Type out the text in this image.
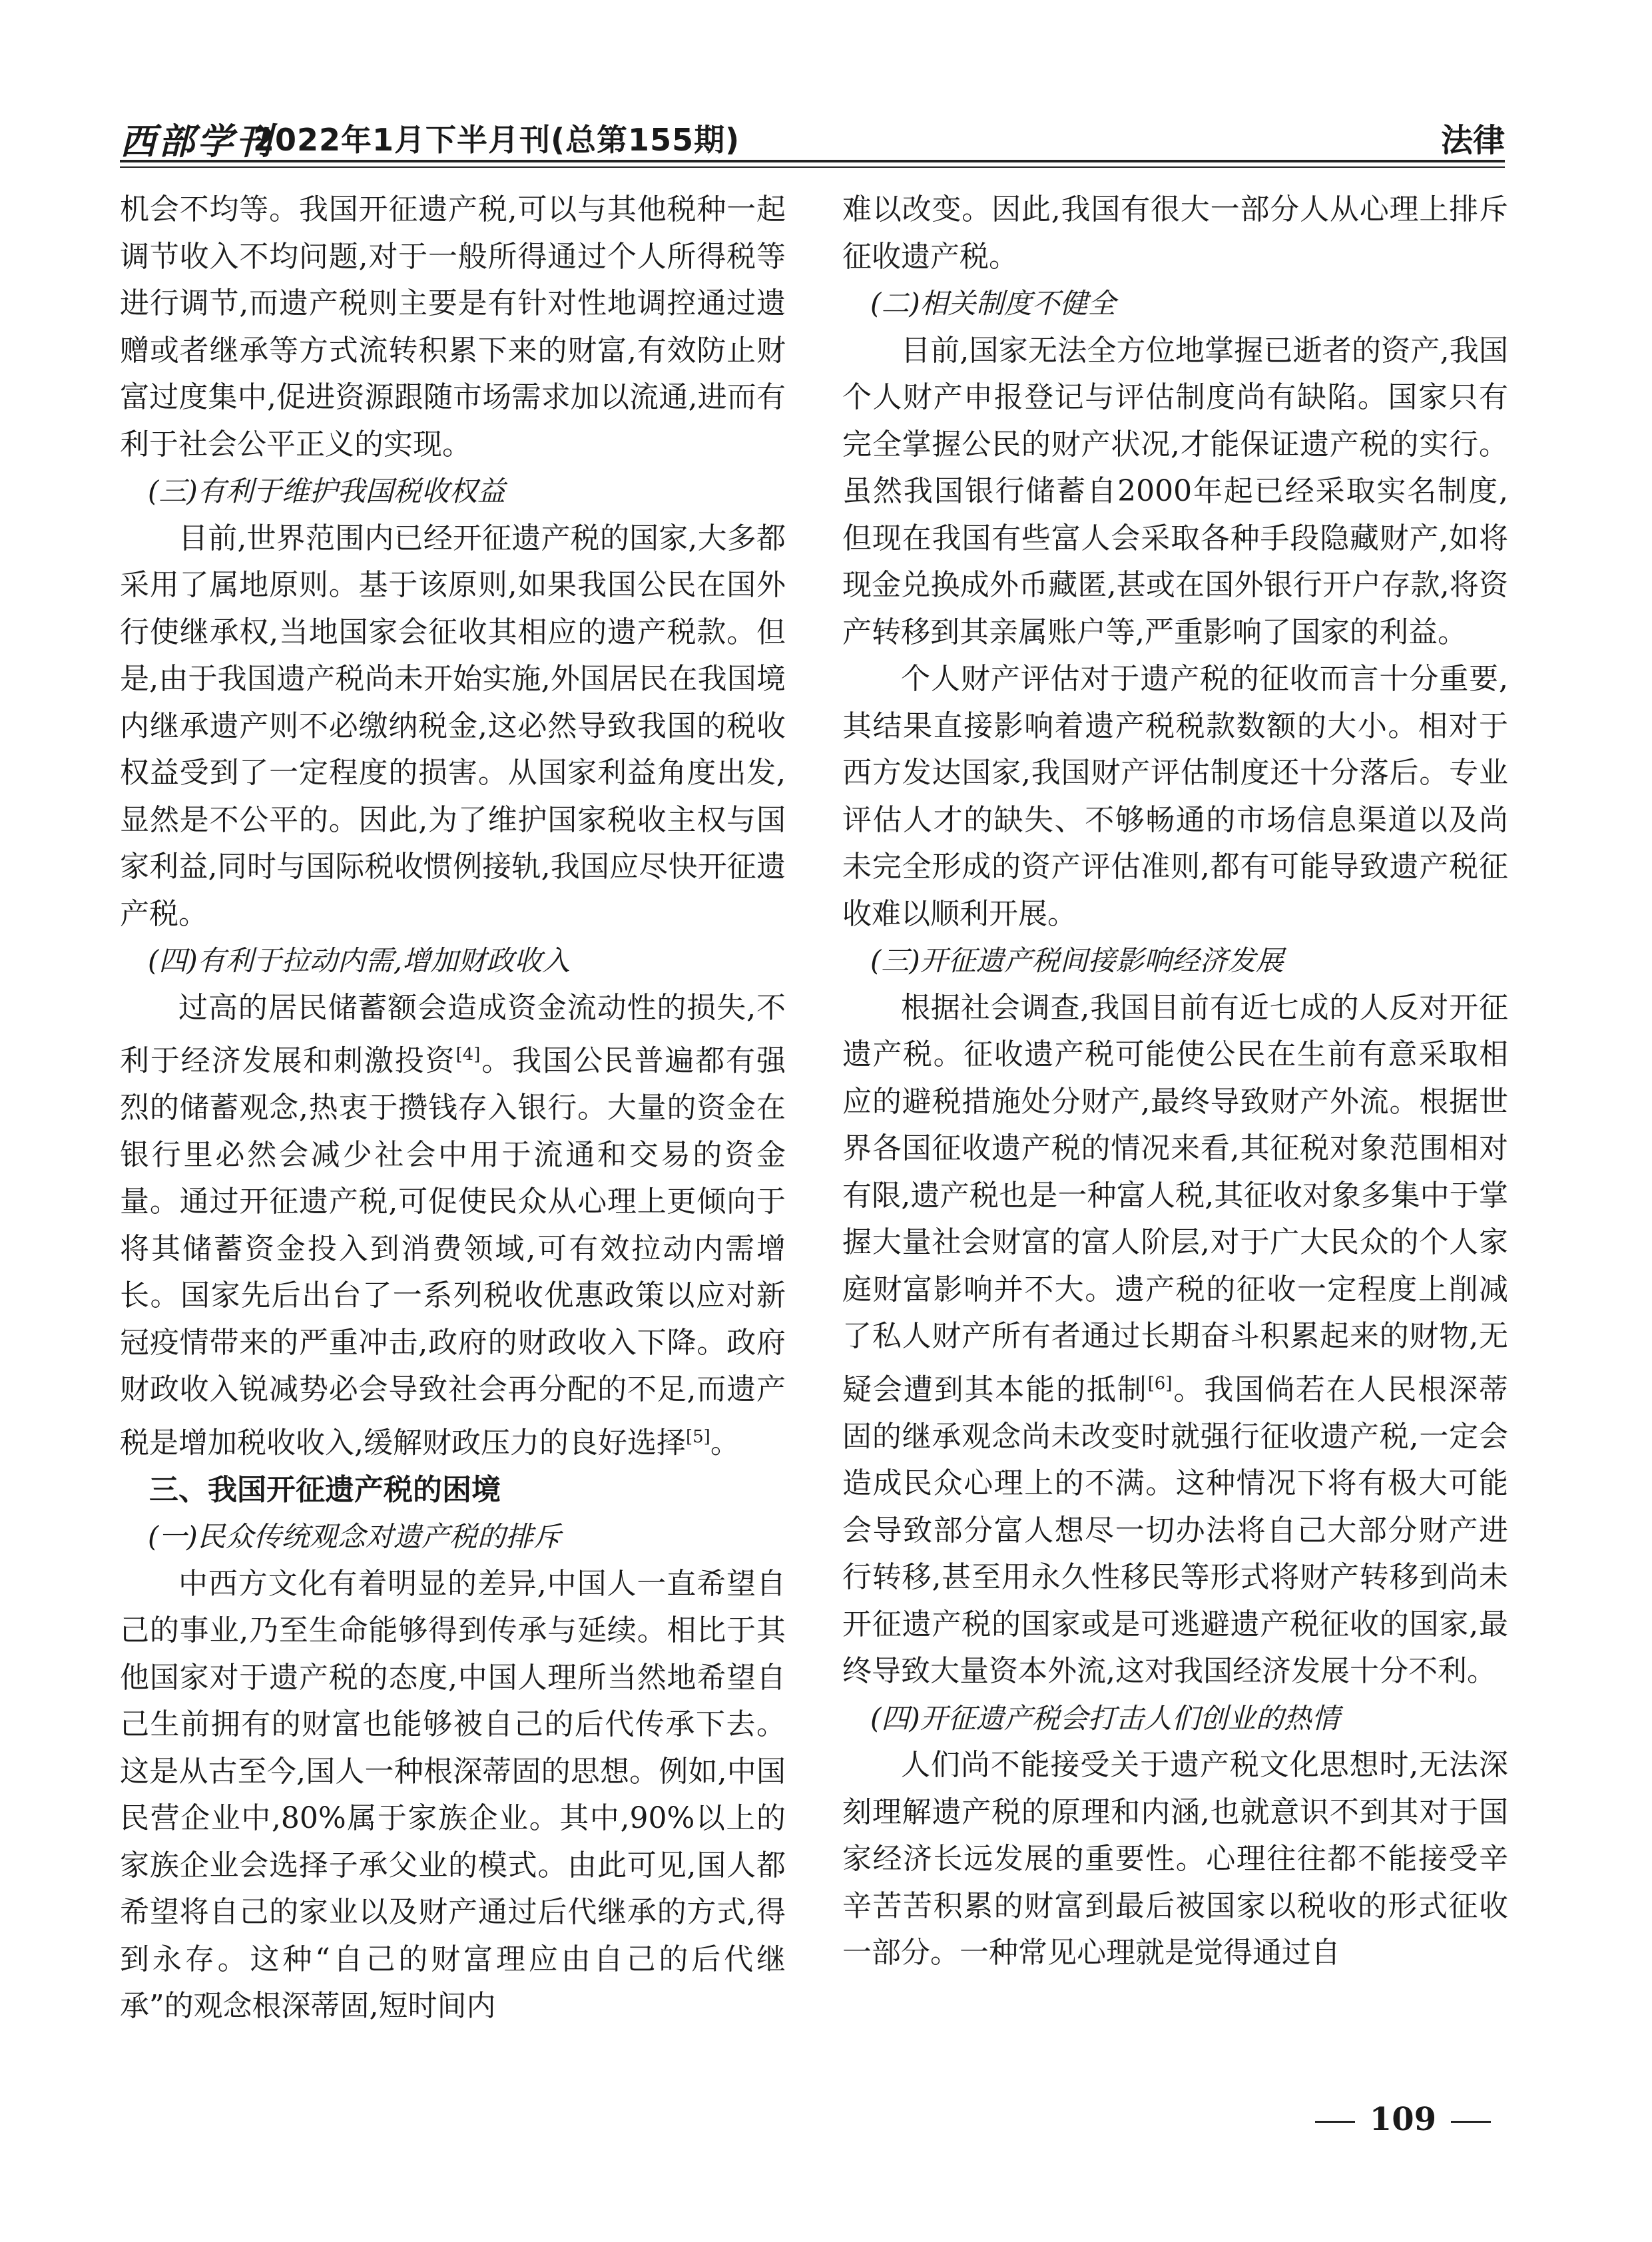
西部学刊
2022年1月下半月刊(总第155期)	法律

机会不均等。我国开征遗产税,可以与其他税种一起调节收入不均问题,对于一般所得通过个人所得税等进行调节,而遗产税则主要是有针对性地调控通过遗赠或者继承等方式流转积累下来的财富,有效防止财富过度集中,促进资源跟随市场需求加以流通,进而有利于社会公平正义的实现。

(三)有利于维护我国税收权益

目前,世界范围内已经开征遗产税的国家,大多都采用了属地原则。基于该原则,如果我国公民在国外行使继承权,当地国家会征收其相应的遗产税款。但是,由于我国遗产税尚未开始实施,外国居民在我国境内继承遗产则不必缴纳税金,这必然导致我国的税收权益受到了一定程度的损害。从国家利益角度出发,显然是不公平的。因此,为了维护国家税收主权与国家利益,同时与国际税收惯例接轨,我国应尽快开征遗产税。

(四)有利于拉动内需,增加财政收入

过高的居民储蓄额会造成资金流动性的损失,不利于经济发展和刺激投资[4]。我国公民普遍都有强烈的储蓄观念,热衷于攒钱存入银行。大量的资金在银行里必然会减少社会中用于流通和交易的资金量。通过开征遗产税,可促使民众从心理上更倾向于将其储蓄资金投入到消费领域,可有效拉动内需增长。国家先后出台了一系列税收优惠政策以应对新冠疫情带来的严重冲击,政府的财政收入下降。政府财政收入锐减势必会导致社会再分配的不足,而遗产税是增加税收收入,缓解财政压力的良好选择[5]。

三、我国开征遗产税的困境

(一)民众传统观念对遗产税的排斥

中西方文化有着明显的差异,中国人一直希望自己的事业,乃至生命能够得到传承与延续。相比于其他国家对于遗产税的态度,中国人理所当然地希望自己生前拥有的财富也能够被自己的后代传承下去。这是从古至今,国人一种根深蒂固的思想。例如,中国民营企业中,80%属于家族企业。其中,90%以上的家族企业会选择子承父业的模式。由此可见,国人都希望将自己的家业以及财产通过后代继承的方式,得到永存。这种“自己的财富理应由自己的后代继承”的观念根深蒂固,短时间内

难以改变。因此,我国有很大一部分人从心理上排斥征收遗产税。

(二)相关制度不健全

目前,国家无法全方位地掌握已逝者的资产,我国个人财产申报登记与评估制度尚有缺陷。国家只有完全掌握公民的财产状况,才能保证遗产税的实行。虽然我国银行储蓄自2000年起已经采取实名制度,但现在我国有些富人会采取各种手段隐藏财产,如将现金兑换成外币藏匿,甚或在国外银行开户存款,将资产转移到其亲属账户等,严重影响了国家的利益。

个人财产评估对于遗产税的征收而言十分重要,其结果直接影响着遗产税税款数额的大小。相对于西方发达国家,我国财产评估制度还十分落后。专业评估人才的缺失、不够畅通的市场信息渠道以及尚未完全形成的资产评估准则,都有可能导致遗产税征收难以顺利开展。

(三)开征遗产税间接影响经济发展

根据社会调查,我国目前有近七成的人反对开征遗产税。征收遗产税可能使公民在生前有意采取相应的避税措施处分财产,最终导致财产外流。根据世界各国征收遗产税的情况来看,其征税对象范围相对有限,遗产税也是一种富人税,其征收对象多集中于掌握大量社会财富的富人阶层,对于广大民众的个人家庭财富影响并不大。遗产税的征收一定程度上削减了私人财产所有者通过长期奋斗积累起来的财物,无疑会遭到其本能的抵制[6]。我国倘若在人民根深蒂固的继承观念尚未改变时就强行征收遗产税,一定会造成民众心理上的不满。这种情况下将有极大可能会导致部分富人想尽一切办法将自己大部分财产进行转移,甚至用永久性移民等形式将财产转移到尚未开征遗产税的国家或是可逃避遗产税征收的国家,最终导致大量资本外流,这对我国经济发展十分不利。

(四)开征遗产税会打击人们创业的热情

人们尚不能接受关于遗产税文化思想时,无法深刻理解遗产税的原理和内涵,也就意识不到其对于国家经济长远发展的重要性。心理往往都不能接受辛辛苦苦积累的财富到最后被国家以税收的形式征收一部分。一种常见心理就是觉得通过自

109
